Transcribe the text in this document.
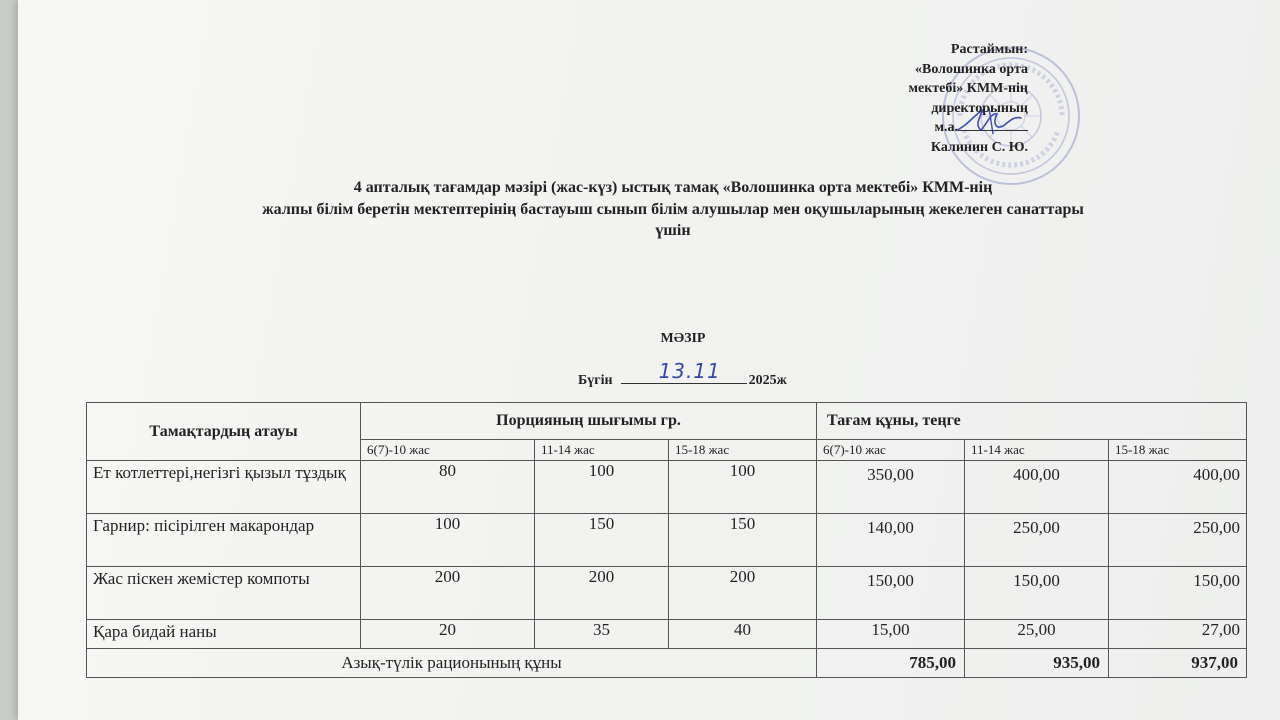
Растаймын:
«Волошинка орта
мектебі» КММ-нің
директорының
м.а.
Калинин С. Ю.
4 апталық тағамдар мәзірі (жас-күз) ыстық тамақ «Волошинка орта мектебі» КММ-нің
жалпы білім беретін мектептерінің бастауыш сынып білім алушылар мен оқушыларының жекелеген санаттары
үшін
МӘЗІР
Бүгін 13.11 2025ж
Тамақтардың атауы	Порцияның шығымы гр.			Тағам құны, теңге		
	6(7)-10 жас	11-14 жас	15-18 жас	6(7)-10 жас	11-14 жас	15-18 жас
Ет котлеттері,негізгі қызыл тұздық	80	100	100	350,00	400,00	400,00
Гарнир: пісірілген макарондар	100	150	150	140,00	250,00	250,00
Жас піскен жемістер компоты	200	200	200	150,00	150,00	150,00
Қара бидай наны	20	35	40	15,00	25,00	27,00
Азық-түлік рационының құны				785,00	935,00	937,00
